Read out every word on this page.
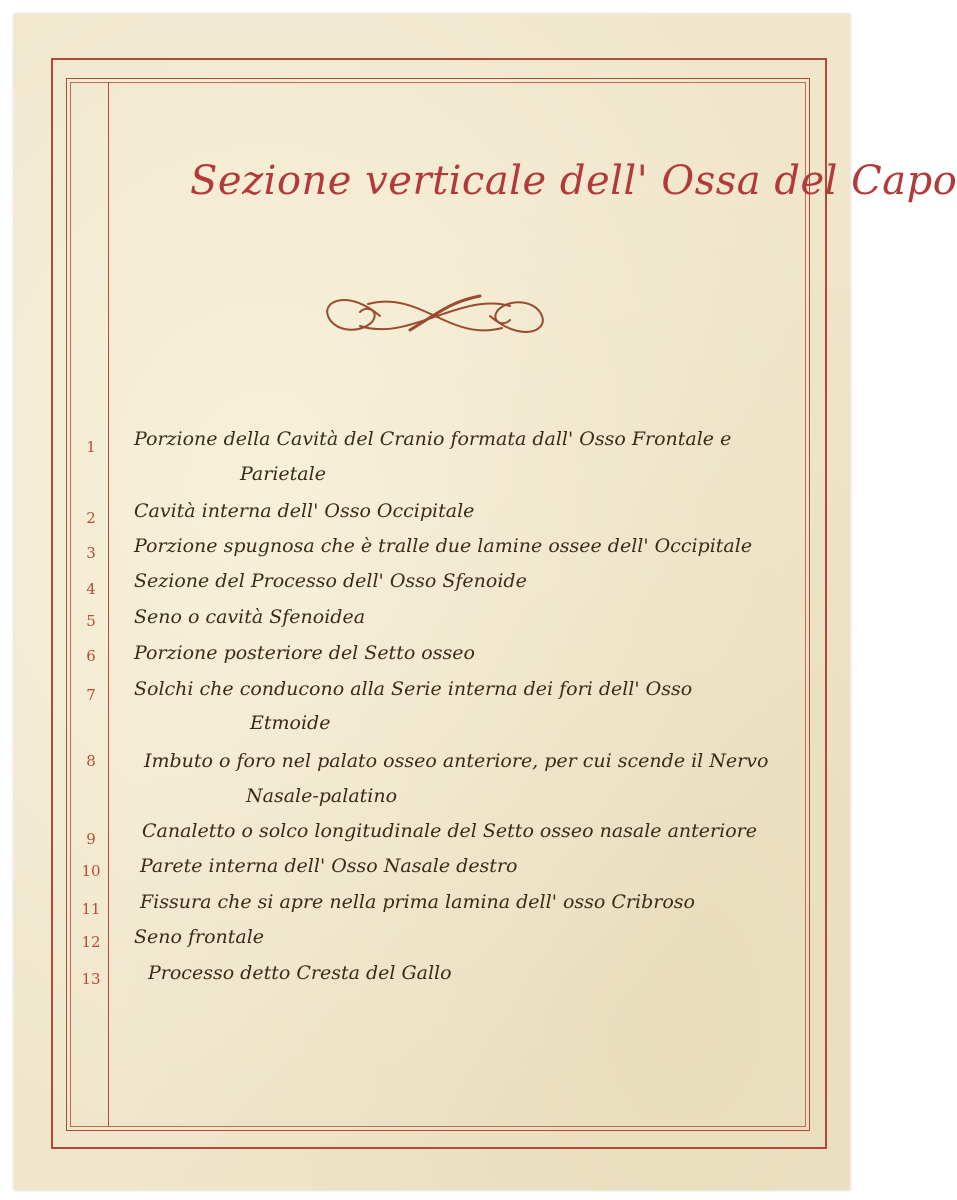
Sezione verticale dell' Ossa del Capo
1	Porzione della Cavità del Cranio formata dall' Osso Frontale e
Parietale
2	Cavità interna dell' Osso Occipitale
3	Porzione spugnosa che è tralle due lamine ossee dell' Occipitale
4	Sezione del Processo dell' Osso Sfenoide
5	Seno o cavità Sfenoidea
6	Porzione posteriore del Setto osseo
7	Solchi che conducono alla Serie interna dei fori dell' Osso
Etmoide
8	Imbuto o foro nel palato osseo anteriore, per cui scende il Nervo
Nasale-palatino
9	Canaletto o solco longitudinale del Setto osseo nasale anteriore
10	Parete interna dell' Osso Nasale destro
11	Fissura che si apre nella prima lamina dell' osso Cribroso
12	Seno frontale
13	Processo detto Cresta del Gallo
